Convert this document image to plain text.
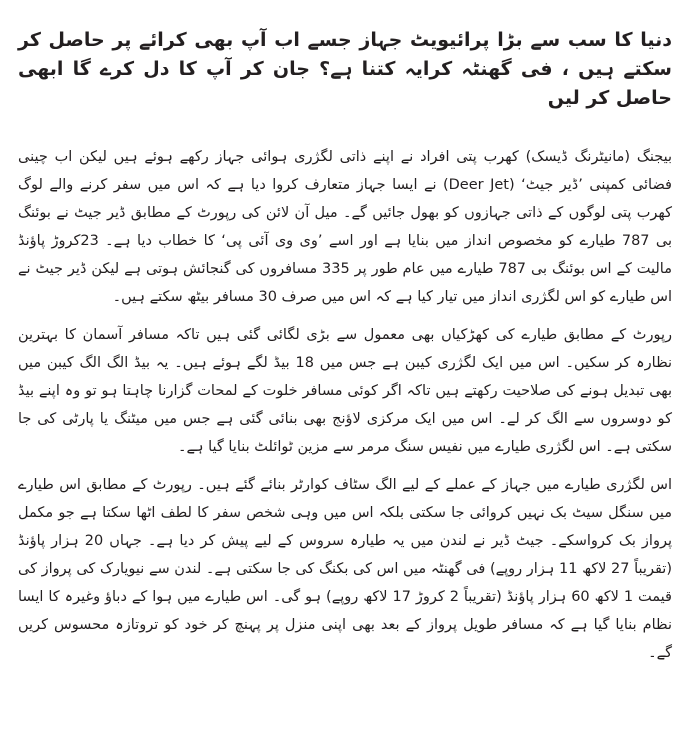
دنیا کا سب سے بڑا پرائیویٹ جہاز جسے اب آپ بھی کرائے پر حاصل کر سکتے ہیں ، فی گھنٹہ کرایہ کتنا ہے؟ جان کر آپ کا دل کرے گا ابھی حاصل کر لیں

بیجنگ (مانیٹرنگ ڈیسک) کھرب پتی افراد نے اپنے ذاتی لگژری ہوائی جہاز رکھے ہوئے ہیں لیکن اب چینی فضائی کمپنی ’ڈیر جیٹ‘ (Deer Jet) نے ایسا جہاز متعارف کروا دیا ہے کہ اس میں سفر کرنے والے لوگ کھرب پتی لوگوں کے ذاتی جہازوں کو بھول جائیں گے۔ میل آن لائن کی رپورٹ کے مطابق ڈیر جیٹ نے بوئنگ بی 787 طیارے کو مخصوص انداز میں بنایا ہے اور اسے ’وی وی آئی پی‘ کا خطاب دیا ہے۔ 23کروڑ پاؤنڈ مالیت کے اس بوئنگ بی 787 طیارے میں عام طور پر 335 مسافروں کی گنجائش ہوتی ہے لیکن ڈیر جیٹ نے اس طیارے کو اس لگژری انداز میں تیار کیا ہے کہ اس میں صرف 30 مسافر بیٹھ سکتے ہیں۔

رپورٹ کے مطابق طیارے کی کھڑکیاں بھی معمول سے بڑی لگائی گئی ہیں تاکہ مسافر آسمان کا بہترین نظارہ کر سکیں۔ اس میں ایک لگژری کیبن ہے جس میں 18 بیڈ لگے ہوئے ہیں۔ یہ بیڈ الگ الگ کیبن میں بھی تبدیل ہونے کی صلاحیت رکھتے ہیں تاکہ اگر کوئی مسافر خلوت کے لمحات گزارنا چاہتا ہو تو وہ اپنے بیڈ کو دوسروں سے الگ کر لے۔ اس میں ایک مرکزی لاؤنج بھی بنائی گئی ہے جس میں میٹنگ یا پارٹی کی جا سکتی ہے۔ اس لگژری طیارے میں نفیس سنگ مرمر سے مزین ٹوائلٹ بنایا گیا ہے۔

اس لگژری طیارے میں جہاز کے عملے کے لیے الگ سٹاف کوارٹر بنائے گئے ہیں۔ رپورٹ کے مطابق اس طیارے میں سنگل سیٹ بک نہیں کروائی جا سکتی بلکہ اس میں وہی شخص سفر کا لطف اٹھا سکتا ہے جو مکمل پرواز بک کرواسکے۔ جیٹ ڈیر نے لندن میں یہ طیارہ سروس کے لیے پیش کر دیا ہے۔ جہاں 20 ہزار پاؤنڈ (تقریباً 27 لاکھ 11 ہزار روپے) فی گھنٹہ میں اس کی بکنگ کی جا سکتی ہے۔ لندن سے نیویارک کی پرواز کی قیمت 1 لاکھ 60 ہزار پاؤنڈ (تقریباً 2 کروڑ 17 لاکھ روپے) ہو گی۔ اس طیارے میں ہوا کے دباؤ وغیرہ کا ایسا نظام بنایا گیا ہے کہ مسافر طویل پرواز کے بعد بھی اپنی منزل پر پہنچ کر خود کو تروتازہ محسوس کریں گے۔
